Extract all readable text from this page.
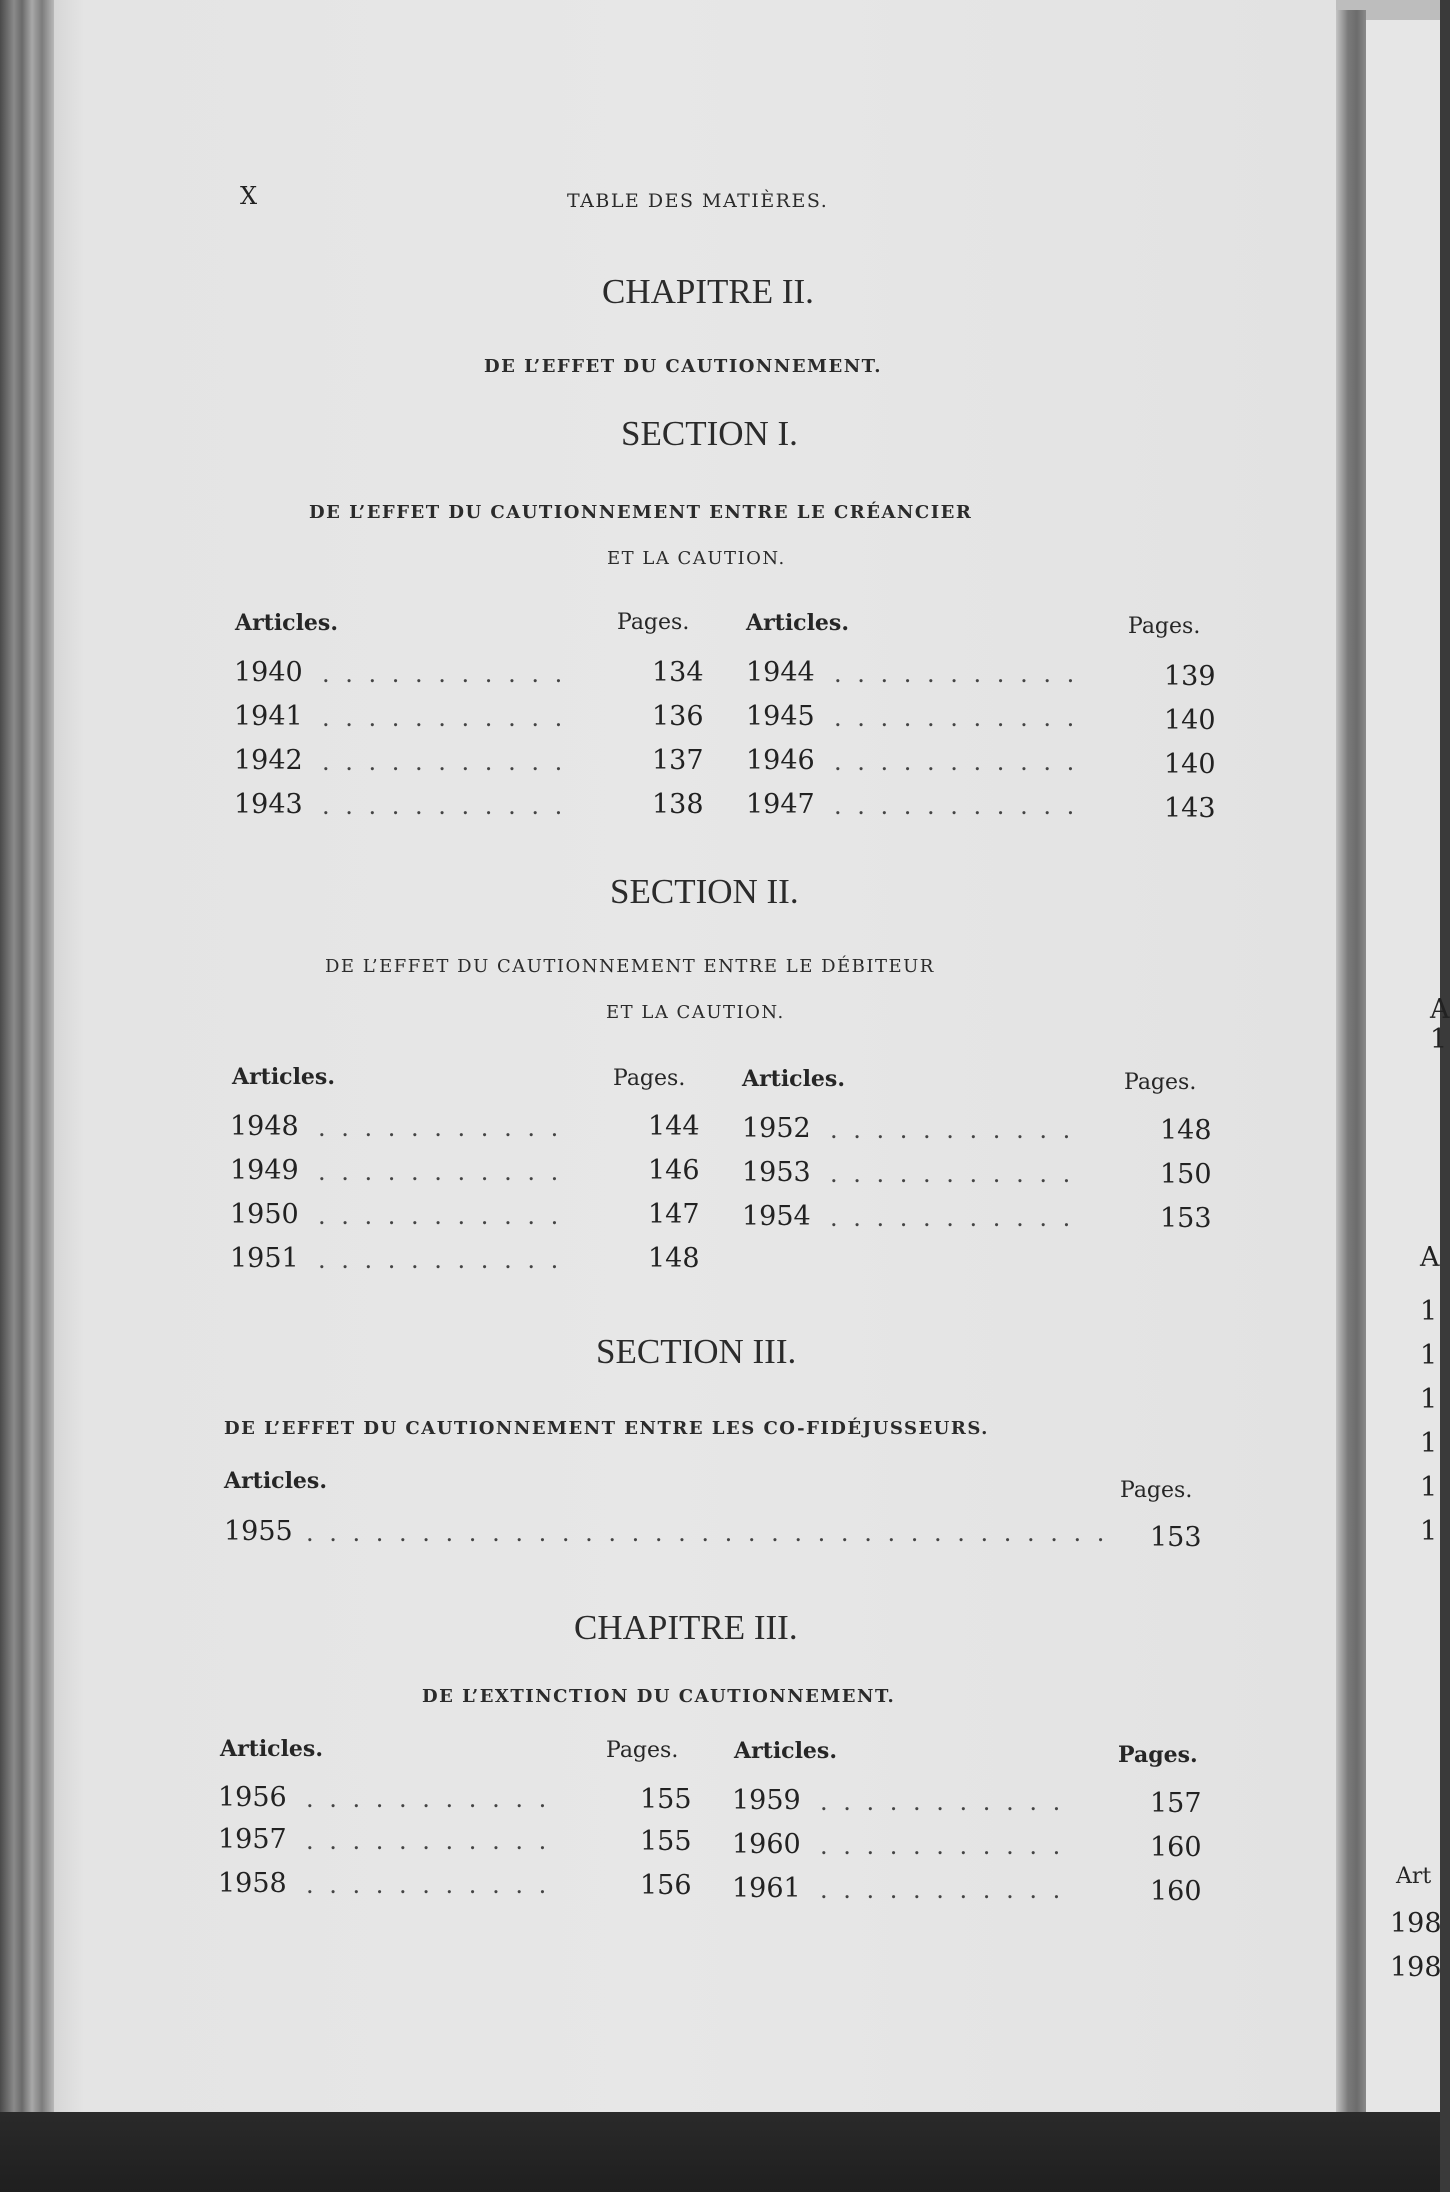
X	TABLE DES MATIÈRES.
CHAPITRE II.
DE L’EFFET DU CAUTIONNEMENT.
SECTION I.
DE L’EFFET DU CAUTIONNEMENT ENTRE LE CRÉANCIER
ET LA CAUTION.
Articles.	Pages.	Articles.	Pages.
1940 . . . . . . . . . . .	134 1944 . . . . . . . . . . .	139
1941 . . . . . . . . . . .	136 1945 . . . . . . . . . . .	140
1942 . . . . . . . . . . .	137 1946 . . . . . . . . . . .	140
1943 . . . . . . . . . . .	138 1947 . . . . . . . . . . .	143
SECTION II.
DE L’EFFET DU CAUTIONNEMENT ENTRE LE DÉBITEUR
ET LA CAUTION.
Articles.	Pages.	Articles.	Pages.
1948 . . . . . . . . . . .	144 1952 . . . . . . . . . . .	148
1949 . . . . . . . . . . .	146 1953 . . . . . . . . . . .	150
1950 . . . . . . . . . . .	147 1954 . . . . . . . . . . .	153
1951 . . . . . . . . . . .	148
SECTION III.
DE L’EFFET DU CAUTIONNEMENT ENTRE LES CO-FIDÉJUSSEURS.
Articles.	Pages.
1955 . . . . . . . . . . . . . . . . . . . . . . . . . . . . . . . . . . . 153
CHAPITRE III.
DE L’EXTINCTION DU CAUTIONNEMENT.
Articles.	Pages.	Articles.	Pages.
1956 . . . . . . . . . . .	155 1959 . . . . . . . . . . .	157
1957 . . . . . . . . . . .	155 1960 . . . . . . . . . . .	160
1958 . . . . . . . . . . .	156 1961 . . . . . . . . . . .	160
A
1
A
1
1
1
1
1
1
Art
198
198
